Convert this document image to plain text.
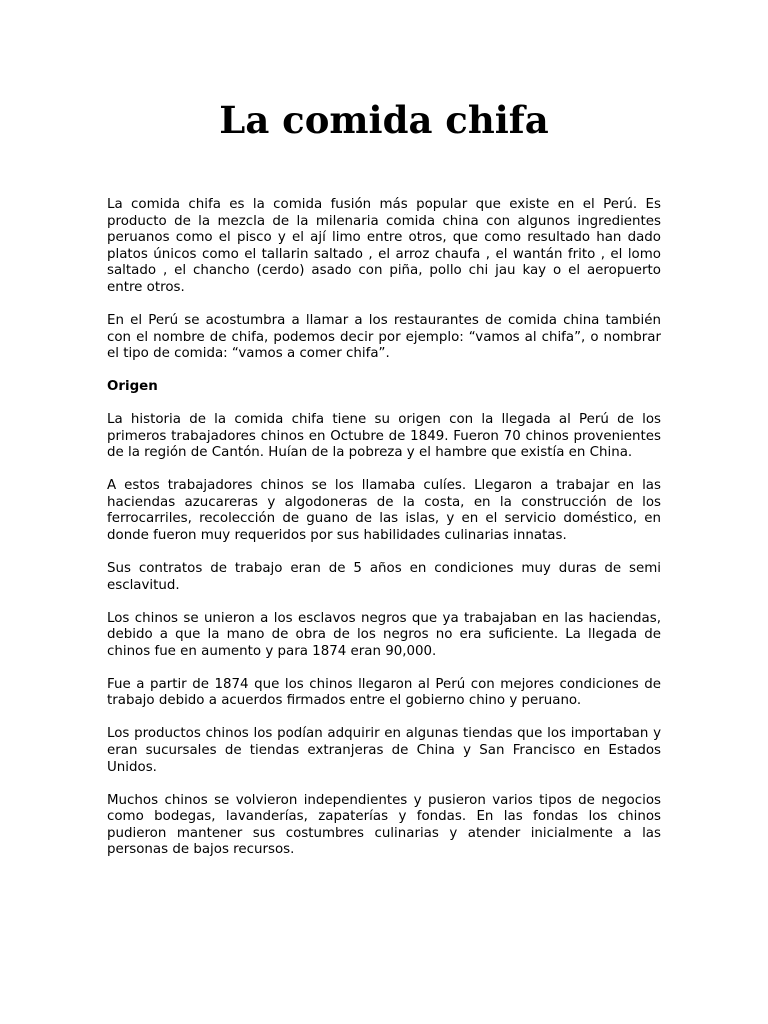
La comida chifa

La comida chifa es la comida fusión más popular que existe en el Perú. Es producto de la mezcla de la milenaria comida china con algunos ingredientes peruanos como el pisco y el ají limo entre otros, que como resultado han dado platos únicos como el tallarin saltado , el arroz chaufa , el wantán frito , el lomo saltado , el chancho (cerdo) asado con piña, pollo chi jau kay o el aeropuerto entre otros.

En el Perú se acostumbra a llamar a los restaurantes de comida china también con el nombre de chifa, podemos decir por ejemplo: “vamos al chifa”, o nombrar el tipo de comida: “vamos a comer chifa”.

Origen

La historia de la comida chifa tiene su origen con la llegada al Perú de los primeros trabajadores chinos en Octubre de 1849. Fueron 70 chinos provenientes de la región de Cantón. Huían de la pobreza y el hambre que existía en China.

A estos trabajadores chinos se los llamaba culíes. Llegaron a trabajar en las haciendas azucareras y algodoneras de la costa, en la construcción de los ferrocarriles, recolección de guano de las islas, y en el servicio doméstico, en donde fueron muy requeridos por sus habilidades culinarias innatas.

Sus contratos de trabajo eran de 5 años en condiciones muy duras de semi esclavitud.

Los chinos se unieron a los esclavos negros que ya trabajaban en las haciendas, debido a que la mano de obra de los negros no era suficiente. La llegada de chinos fue en aumento y para 1874 eran 90,000.

Fue a partir de 1874 que los chinos llegaron al Perú con mejores condiciones de trabajo debido a acuerdos firmados entre el gobierno chino y peruano.

Los productos chinos los podían adquirir en algunas tiendas que los importaban y eran sucursales de tiendas extranjeras de China y San Francisco en Estados Unidos.

Muchos chinos se volvieron independientes y pusieron varios tipos de negocios como bodegas, lavanderías, zapaterías y fondas. En las fondas los chinos pudieron mantener sus costumbres culinarias y atender inicialmente a las personas de bajos recursos.
